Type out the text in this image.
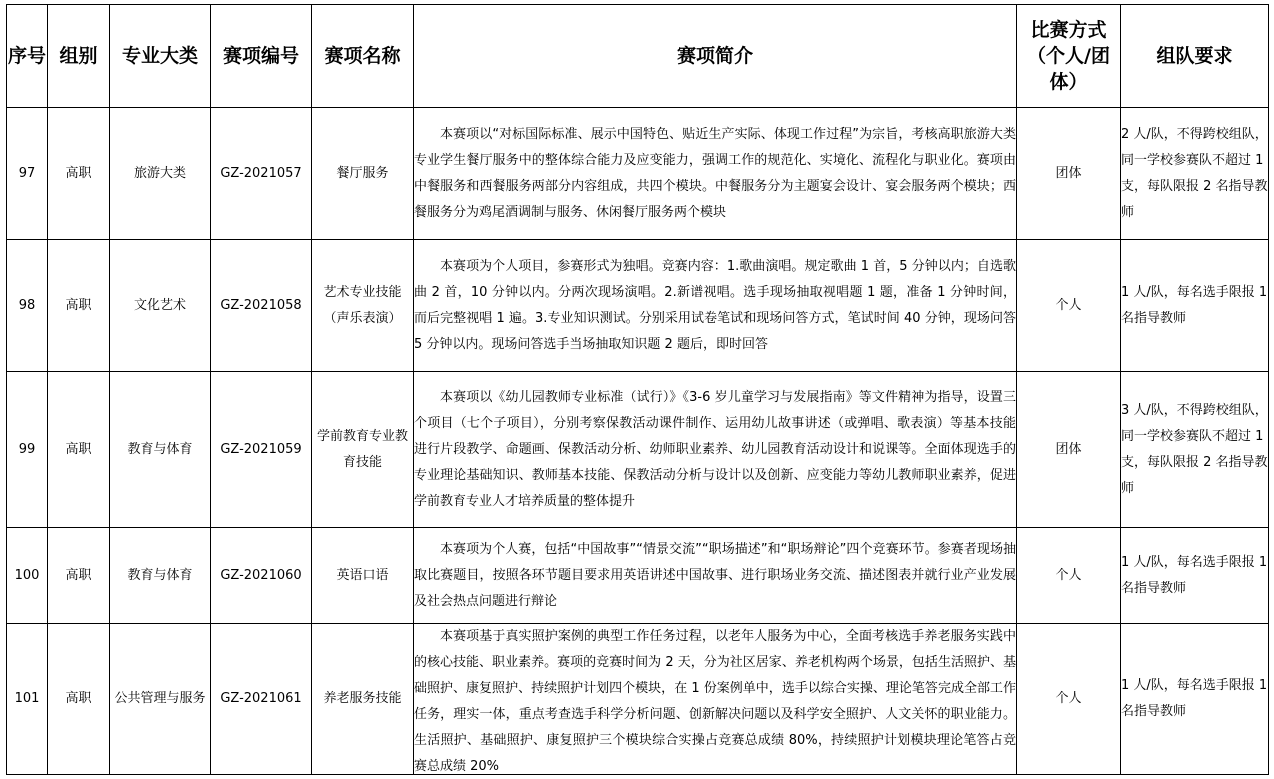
序号	组别	专业大类	赛项编号	赛项名称	赛项简介	比赛方式（个人/团体）	组队要求
97	高职	旅游大类	GZ-2021057	餐厅服务	本赛项以“对标国际标准、展示中国特色、贴近生产实际、体现工作过程”为宗旨，考核高职旅游大类专业学生餐厅服务中的整体综合能力及应变能力，强调工作的规范化、实境化、流程化与职业化。赛项由中餐服务和西餐服务两部分内容组成，共四个模块。中餐服务分为主题宴会设计、宴会服务两个模块；西餐服务分为鸡尾酒调制与服务、休闲餐厅服务两个模块	团体	2 人/队，不得跨校组队，同一学校参赛队不超过 1 支，每队限报 2 名指导教师
98	高职	文化艺术	GZ-2021058	艺术专业技能（声乐表演）	本赛项为个人项目，参赛形式为独唱。竞赛内容：1.歌曲演唱。规定歌曲 1 首，5 分钟以内；自选歌曲 2 首，10 分钟以内。分两次现场演唱。2.新谱视唱。选手现场抽取视唱题 1 题，准备 1 分钟时间，而后完整视唱 1 遍。3.专业知识测试。分别采用试卷笔试和现场问答方式，笔试时间 40 分钟，现场问答 5 分钟以内。现场问答选手当场抽取知识题 2 题后，即时回答	个人	1 人/队，每名选手限报 1 名指导教师
99	高职	教育与体育	GZ-2021059	学前教育专业教育技能	本赛项以《幼儿园教师专业标准（试行）》《3-6 岁儿童学习与发展指南》等文件精神为指导，设置三个项目（七个子项目），分别考察保教活动课件制作、运用幼儿故事讲述（或弹唱、歌表演）等基本技能进行片段教学、命题画、保教活动分析、幼师职业素养、幼儿园教育活动设计和说课等。全面体现选手的专业理论基础知识、教师基本技能、保教活动分析与设计以及创新、应变能力等幼儿教师职业素养，促进学前教育专业人才培养质量的整体提升	团体	3 人/队，不得跨校组队，同一学校参赛队不超过 1 支，每队限报 2 名指导教师
100	高职	教育与体育	GZ-2021060	英语口语	本赛项为个人赛，包括“中国故事”“情景交流”“职场描述”和“职场辩论”四个竞赛环节。参赛者现场抽取比赛题目，按照各环节题目要求用英语讲述中国故事、进行职场业务交流、描述图表并就行业产业发展及社会热点问题进行辩论	个人	1 人/队，每名选手限报 1 名指导教师
101	高职	公共管理与服务	GZ-2021061	养老服务技能	本赛项基于真实照护案例的典型工作任务过程，以老年人服务为中心，全面考核选手养老服务实践中的核心技能、职业素养。赛项的竞赛时间为 2 天，分为社区居家、养老机构两个场景，包括生活照护、基础照护、康复照护、持续照护计划四个模块，在 1 份案例单中，选手以综合实操、理论笔答完成全部工作任务，理实一体，重点考查选手科学分析问题、创新解决问题以及科学安全照护、人文关怀的职业能力。生活照护、基础照护、康复照护三个模块综合实操占竞赛总成绩 80%，持续照护计划模块理论笔答占竞赛总成绩 20%	个人	1 人/队，每名选手限报 1 名指导教师
